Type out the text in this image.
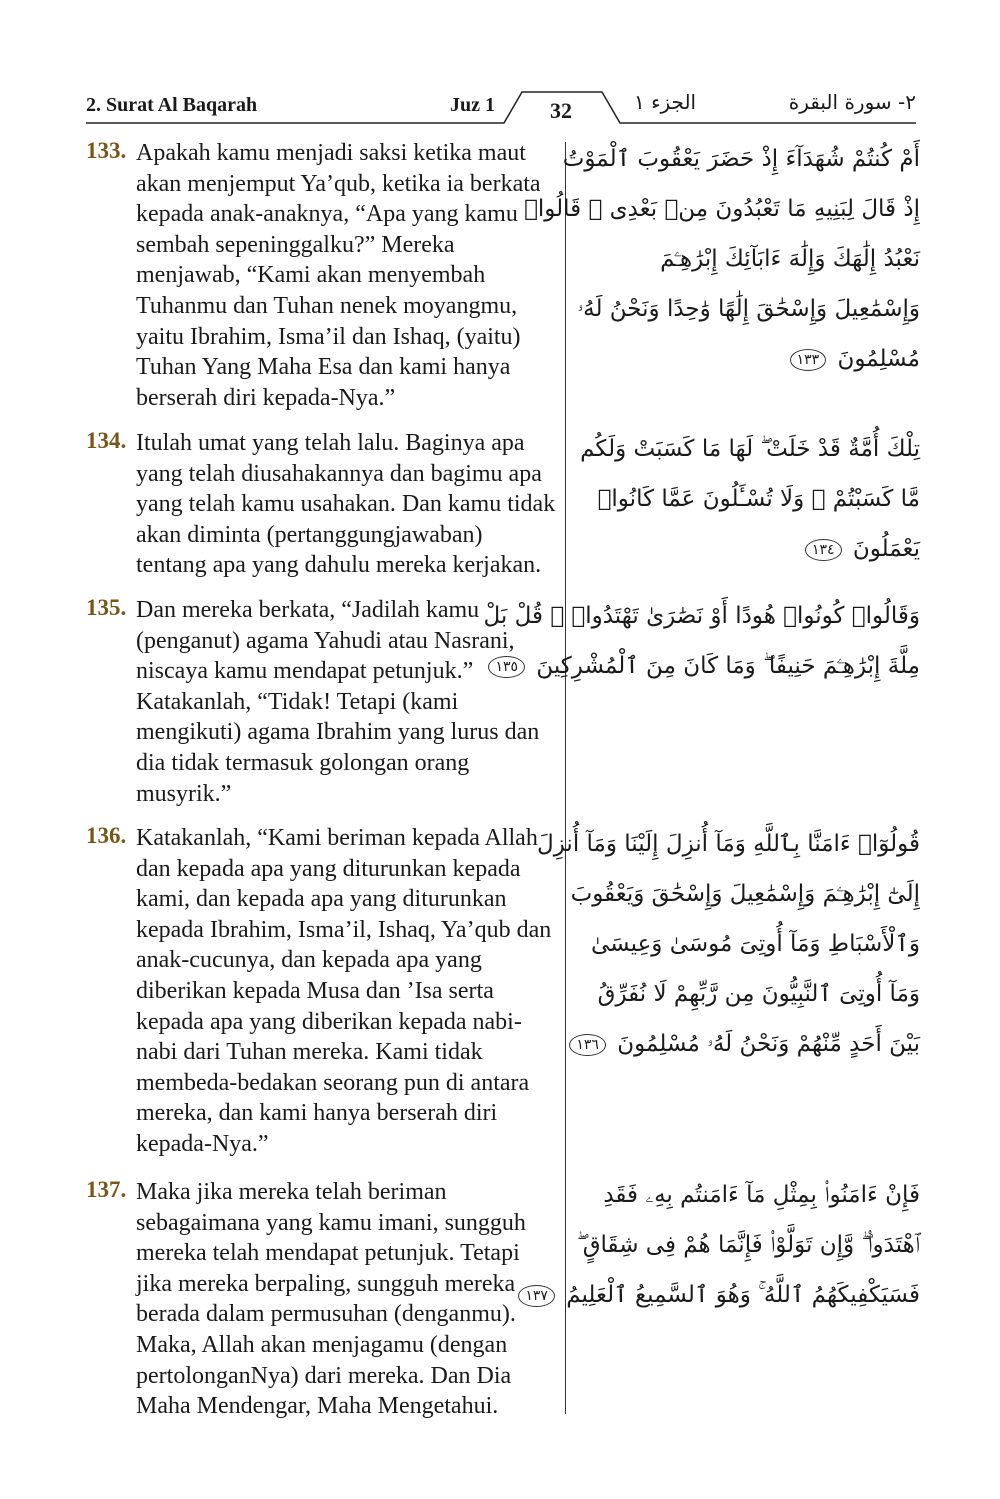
2. Surat Al Baqarah	Juz 1	32	الجزء ١	٢- سورة البقرة
133. Apakah kamu menjadi saksi ketika maut akan menjemput Ya’qub, ketika ia berkata kepada anak-anaknya, “Apa yang kamu sembah sepeninggalku?” Mereka menjawab, “Kami akan menyembah Tuhanmu dan Tuhan nenek moyangmu, yaitu Ibrahim, Isma’il dan Ishaq, (yaitu) Tuhan Yang Maha Esa dan kami hanya berserah diri kepada-Nya.”
أَمْ كُنتُمْ شُهَدَآءَ إِذْ حَضَرَ يَعْقُوبَ ٱلْمَوْتُ
إِذْ قَالَ لِبَنِيهِ مَا تَعْبُدُونَ مِنۢ بَعْدِى ۖ قَالُوا۟
نَعْبُدُ إِلَٰهَكَ وَإِلَٰهَ ءَابَآئِكَ إِبْرَٰهِـۧمَ
وَإِسْمَٰعِيلَ وَإِسْحَٰقَ إِلَٰهًا وَٰحِدًا وَنَحْنُ لَهُۥ
مُسْلِمُونَ ١٣٣
134. Itulah umat yang telah lalu. Baginya apa yang telah diusahakannya dan bagimu apa yang telah kamu usahakan. Dan kamu tidak akan diminta (pertanggungjawaban) tentang apa yang dahulu mereka kerjakan.
تِلْكَ أُمَّةٌ قَدْ خَلَتْ ۖ لَهَا مَا كَسَبَتْ وَلَكُم
مَّا كَسَبْتُمْ ۖ وَلَا تُسْـَٔلُونَ عَمَّا كَانُوا۟
يَعْمَلُونَ ١٣٤
135. Dan mereka berkata, “Jadilah kamu (penganut) agama Yahudi atau Nasrani, niscaya kamu mendapat petunjuk.” Katakanlah, “Tidak! Tetapi (kami mengikuti) agama Ibrahim yang lurus dan dia tidak termasuk golongan orang musyrik.”
وَقَالُوا۟ كُونُوا۟ هُودًا أَوْ نَصَٰرَىٰ تَهْتَدُوا۟ ۗ قُلْ بَلْ
مِلَّةَ إِبْرَٰهِـۧمَ حَنِيفًا ۖ وَمَا كَانَ مِنَ ٱلْمُشْرِكِينَ ١٣٥
136. Katakanlah, “Kami beriman kepada Allah dan kepada apa yang diturunkan kepada kami, dan kepada apa yang diturunkan kepada Ibrahim, Isma’il, Ishaq, Ya’qub dan anak-cucunya, dan kepada apa yang diberikan kepada Musa dan ’Isa serta kepada apa yang diberikan kepada nabi-nabi dari Tuhan mereka. Kami tidak membeda-bedakan seorang pun di antara mereka, dan kami hanya berserah diri kepada-Nya.”
قُولُوٓا۟ ءَامَنَّا بِٱللَّهِ وَمَآ أُنزِلَ إِلَيْنَا وَمَآ أُنزِلَ
إِلَىٰٓ إِبْرَٰهِـۧمَ وَإِسْمَٰعِيلَ وَإِسْحَٰقَ وَيَعْقُوبَ
وَٱلْأَسْبَاطِ وَمَآ أُوتِىَ مُوسَىٰ وَعِيسَىٰ
وَمَآ أُوتِىَ ٱلنَّبِيُّونَ مِن رَّبِّهِمْ لَا نُفَرِّقُ
بَيْنَ أَحَدٍ مِّنْهُمْ وَنَحْنُ لَهُۥ مُسْلِمُونَ ١٣٦
137. Maka jika mereka telah beriman sebagaimana yang kamu imani, sungguh mereka telah mendapat petunjuk. Tetapi jika mereka berpaling, sungguh mereka berada dalam permusuhan (denganmu). Maka, Allah akan menjagamu (dengan pertolonganNya) dari mereka. Dan Dia Maha Mendengar, Maha Mengetahui.
فَإِنْ ءَامَنُوا۟ بِمِثْلِ مَآ ءَامَنتُم بِهِۦ فَقَدِ
ٱهْتَدَوا۟ ۖ وَّإِن تَوَلَّوْا۟ فَإِنَّمَا هُمْ فِى شِقَاقٍ ۖ
فَسَيَكْفِيكَهُمُ ٱللَّهُ ۚ وَهُوَ ٱلسَّمِيعُ ٱلْعَلِيمُ ١٣٧
